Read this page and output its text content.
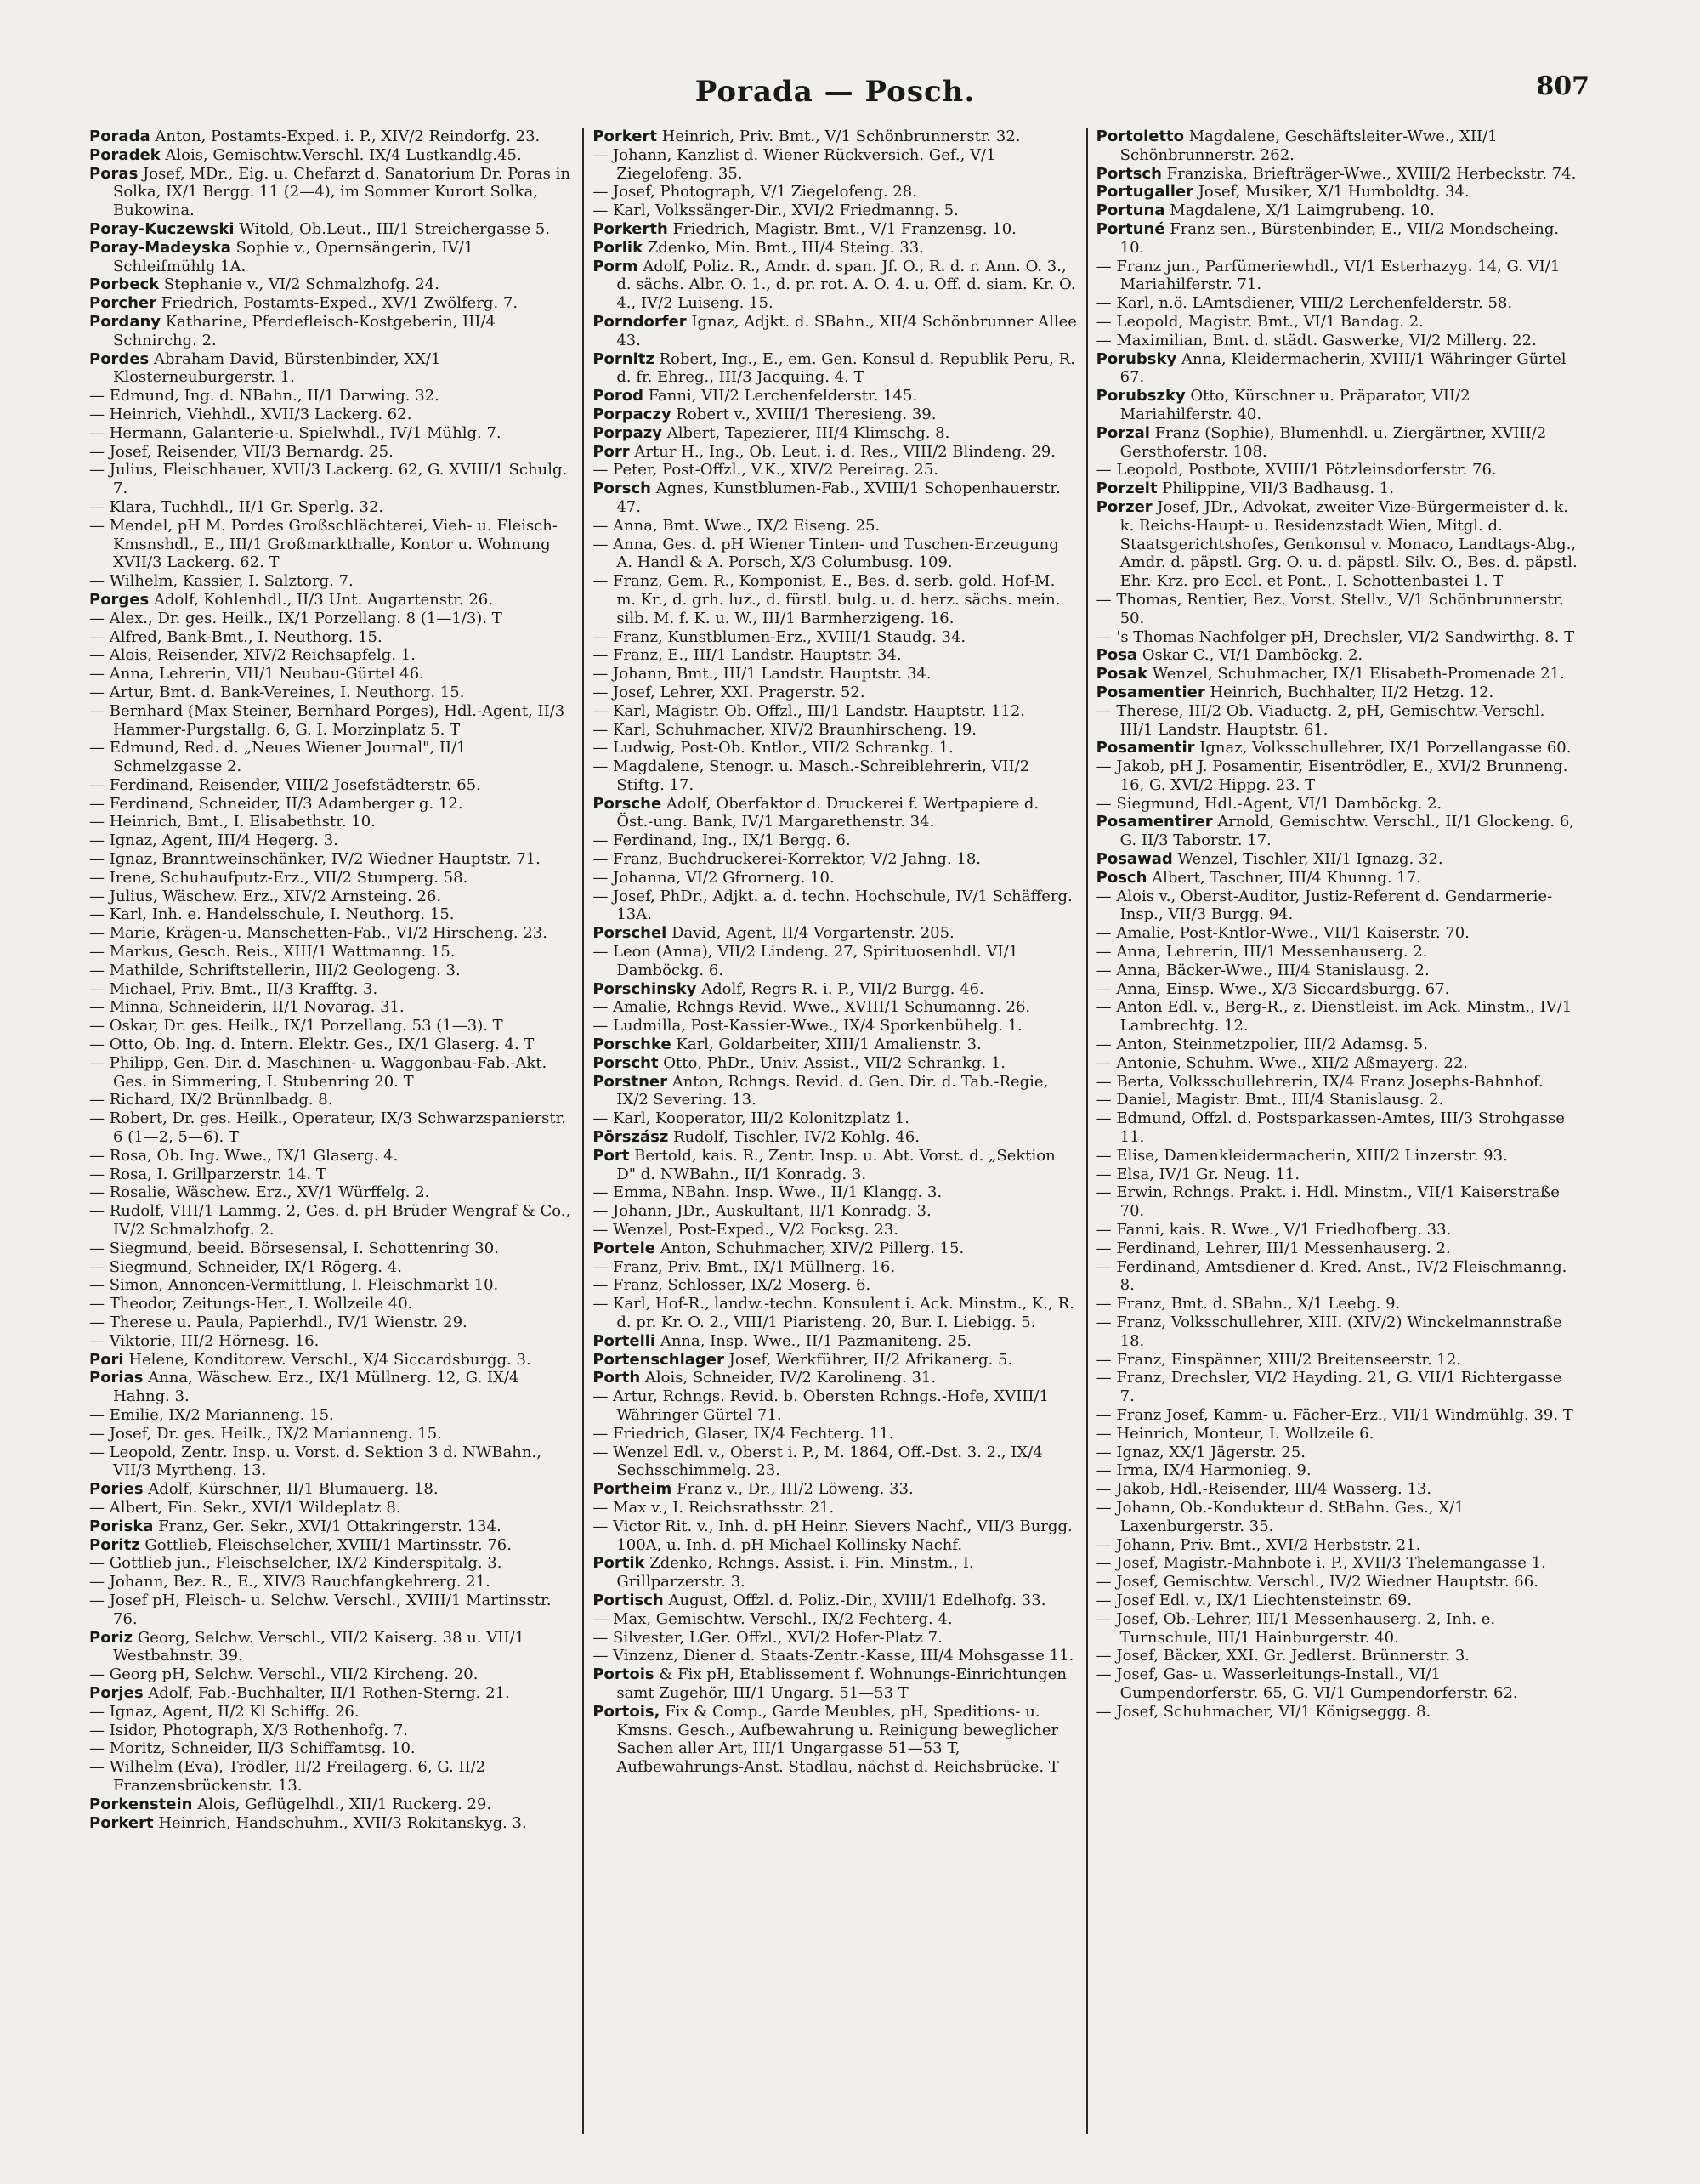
Porada — Posch.	807

Porada Anton, Postamts-Exped. i. P., XIV/2 Reindorfg. 23.

Poradek Alois, Gemischtw.Verschl. IX/4 Lustkandlg.45.

Poras Josef, MDr., Eig. u. Chefarzt d. Sanatorium Dr. Poras in Solka, IX/1 Bergg. 11 (2—4), im Sommer Kurort Solka, Bukowina.

Poray-Kuczewski Witold, Ob.Leut., III/1 Streichergasse 5.

Poray-Madeyska Sophie v., Opernsängerin, IV/1 Schleifmühlg 1A.

Porbeck Stephanie v., VI/2 Schmalzhofg. 24.

Porcher Friedrich, Postamts-Exped., XV/1 Zwölferg. 7.

Pordany Katharine, Pferdefleisch-Kostgeberin, III/4 Schnirchg. 2.

Pordes Abraham David, Bürstenbinder, XX/1 Klosterneuburgerstr. 1.

— Edmund, Ing. d. NBahn., II/1 Darwing. 32.

— Heinrich, Viehhdl., XVII/3 Lackerg. 62.

— Hermann, Galanterie-u. Spielwhdl., IV/1 Mühlg. 7.

— Josef, Reisender, VII/3 Bernardg. 25.

— Julius, Fleischhauer, XVII/3 Lackerg. 62, G. XVIII/1 Schulg. 7.

— Klara, Tuchhdl., II/1 Gr. Sperlg. 32.

— Mendel, pH M. Pordes Großschlächterei, Vieh- u. Fleisch-Kmsnshdl., E., III/1 Großmarkthalle, Kontor u. Wohnung XVII/3 Lackerg. 62. T

— Wilhelm, Kassier, I. Salztorg. 7.

Porges Adolf, Kohlenhdl., II/3 Unt. Augartenstr. 26.

— Alex., Dr. ges. Heilk., IX/1 Porzellang. 8 (1—1/3). T

— Alfred, Bank-Bmt., I. Neuthorg. 15.

— Alois, Reisender, XIV/2 Reichsapfelg. 1.

— Anna, Lehrerin, VII/1 Neubau-Gürtel 46.

— Artur, Bmt. d. Bank-Vereines, I. Neuthorg. 15.

— Bernhard (Max Steiner, Bernhard Porges), Hdl.-Agent, II/3 Hammer-Purgstallg. 6, G. I. Morzinplatz 5. T

— Edmund, Red. d. „Neues Wiener Journal", II/1 Schmelzgasse 2.

— Ferdinand, Reisender, VIII/2 Josefstädterstr. 65.

— Ferdinand, Schneider, II/3 Adamberger g. 12.

— Heinrich, Bmt., I. Elisabethstr. 10.

— Ignaz, Agent, III/4 Hegerg. 3.

— Ignaz, Branntweinschänker, IV/2 Wiedner Hauptstr. 71.

— Irene, Schuhaufputz-Erz., VII/2 Stumperg. 58.

— Julius, Wäschew. Erz., XIV/2 Arnsteing. 26.

— Karl, Inh. e. Handelsschule, I. Neuthorg. 15.

— Marie, Krägen-u. Manschetten-Fab., VI/2 Hirscheng. 23.

— Markus, Gesch. Reis., XIII/1 Wattmanng. 15.

— Mathilde, Schriftstellerin, III/2 Geologeng. 3.

— Michael, Priv. Bmt., II/3 Krafftg. 3.

— Minna, Schneiderin, II/1 Novarag. 31.

— Oskar, Dr. ges. Heilk., IX/1 Porzellang. 53 (1—3). T

— Otto, Ob. Ing. d. Intern. Elektr. Ges., IX/1 Glaserg. 4. T

— Philipp, Gen. Dir. d. Maschinen- u. Waggonbau-Fab.-Akt. Ges. in Simmering, I. Stubenring 20. T

— Richard, IX/2 Brünnlbadg. 8.

— Robert, Dr. ges. Heilk., Operateur, IX/3 Schwarzspanierstr. 6 (1—2, 5—6). T

— Rosa, Ob. Ing. Wwe., IX/1 Glaserg. 4.

— Rosa, I. Grillparzerstr. 14. T

— Rosalie, Wäschew. Erz., XV/1 Würffelg. 2.

— Rudolf, VIII/1 Lammg. 2, Ges. d. pH Brüder Wengraf & Co., IV/2 Schmalzhofg. 2.

— Siegmund, beeid. Börsesensal, I. Schottenring 30.

— Siegmund, Schneider, IX/1 Rögerg. 4.

— Simon, Annoncen-Vermittlung, I. Fleischmarkt 10.

— Theodor, Zeitungs-Her., I. Wollzeile 40.

— Therese u. Paula, Papierhdl., IV/1 Wienstr. 29.

— Viktorie, III/2 Hörnesg. 16.

Pori Helene, Konditorew. Verschl., X/4 Siccardsburgg. 3.

Porias Anna, Wäschew. Erz., IX/1 Müllnerg. 12, G. IX/4 Hahng. 3.

— Emilie, IX/2 Marianneng. 15.

— Josef, Dr. ges. Heilk., IX/2 Marianneng. 15.

— Leopold, Zentr. Insp. u. Vorst. d. Sektion 3 d. NWBahn., VII/3 Myrtheng. 13.

Pories Adolf, Kürschner, II/1 Blumauerg. 18.

— Albert, Fin. Sekr., XVI/1 Wildeplatz 8.

Poriska Franz, Ger. Sekr., XVI/1 Ottakringerstr. 134.

Poritz Gottlieb, Fleischselcher, XVIII/1 Martinsstr. 76.

— Gottlieb jun., Fleischselcher, IX/2 Kinderspitalg. 3.

— Johann, Bez. R., E., XIV/3 Rauchfangkehrerg. 21.

— Josef pH, Fleisch- u. Selchw. Verschl., XVIII/1 Martinsstr. 76.

Poriz Georg, Selchw. Verschl., VII/2 Kaiserg. 38 u. VII/1 Westbahnstr. 39.

— Georg pH, Selchw. Verschl., VII/2 Kircheng. 20.

Porjes Adolf, Fab.-Buchhalter, II/1 Rothen-Sterng. 21.

— Ignaz, Agent, II/2 Kl Schiffg. 26.

— Isidor, Photograph, X/3 Rothenhofg. 7.

— Moritz, Schneider, II/3 Schiffamtsg. 10.

— Wilhelm (Eva), Trödler, II/2 Freilagerg. 6, G. II/2 Franzensbrückenstr. 13.

Porkenstein Alois, Geflügelhdl., XII/1 Ruckerg. 29.

Porkert Heinrich, Handschuhm., XVII/3 Rokitanskyg. 3.

Porkert Heinrich, Priv. Bmt., V/1 Schönbrunnerstr. 32.

— Johann, Kanzlist d. Wiener Rückversich. Gef., V/1 Ziegelofeng. 35.

— Josef, Photograph, V/1 Ziegelofeng. 28.

— Karl, Volkssänger-Dir., XVI/2 Friedmanng. 5.

Porkerth Friedrich, Magistr. Bmt., V/1 Franzensg. 10.

Porlik Zdenko, Min. Bmt., III/4 Steing. 33.

Porm Adolf, Poliz. R., Amdr. d. span. Jf. O., R. d. r. Ann. O. 3., d. sächs. Albr. O. 1., d. pr. rot. A. O. 4. u. Off. d. siam. Kr. O. 4., IV/2 Luiseng. 15.

Porndorfer Ignaz, Adjkt. d. SBahn., XII/4 Schönbrunner Allee 43.

Pornitz Robert, Ing., E., em. Gen. Konsul d. Republik Peru, R. d. fr. Ehreg., III/3 Jacquing. 4. T

Porod Fanni, VII/2 Lerchenfelderstr. 145.

Porpaczy Robert v., XVIII/1 Theresieng. 39.

Porpazy Albert, Tapezierer, III/4 Klimschg. 8.

Porr Artur H., Ing., Ob. Leut. i. d. Res., VIII/2 Blindeng. 29.

— Peter, Post-Offzl., V.K., XIV/2 Pereirag. 25.

Porsch Agnes, Kunstblumen-Fab., XVIII/1 Schopenhauerstr. 47.

— Anna, Bmt. Wwe., IX/2 Eiseng. 25.

— Anna, Ges. d. pH Wiener Tinten- und Tuschen-Erzeugung A. Handl & A. Porsch, X/3 Columbusg. 109.

— Franz, Gem. R., Komponist, E., Bes. d. serb. gold. Hof-M. m. Kr., d. grh. luz., d. fürstl. bulg. u. d. herz. sächs. mein. silb. M. f. K. u. W., III/1 Barmherzigeng. 16.

— Franz, Kunstblumen-Erz., XVIII/1 Staudg. 34.

— Franz, E., III/1 Landstr. Hauptstr. 34.

— Johann, Bmt., III/1 Landstr. Hauptstr. 34.

— Josef, Lehrer, XXI. Pragerstr. 52.

— Karl, Magistr. Ob. Offzl., III/1 Landstr. Hauptstr. 112.

— Karl, Schuhmacher, XIV/2 Braunhirscheng. 19.

— Ludwig, Post-Ob. Kntlor., VII/2 Schrankg. 1.

— Magdalene, Stenogr. u. Masch.-Schreiblehrerin, VII/2 Stiftg. 17.

Porsche Adolf, Oberfaktor d. Druckerei f. Wertpapiere d. Öst.-ung. Bank, IV/1 Margarethenstr. 34.

— Ferdinand, Ing., IX/1 Bergg. 6.

— Franz, Buchdruckerei-Korrektor, V/2 Jahng. 18.

— Johanna, VI/2 Gfrornerg. 10.

— Josef, PhDr., Adjkt. a. d. techn. Hochschule, IV/1 Schäfferg. 13A.

Porschel David, Agent, II/4 Vorgartenstr. 205.

— Leon (Anna), VII/2 Lindeng. 27, Spirituosenhdl. VI/1 Damböckg. 6.

Porschinsky Adolf, Regrs R. i. P., VII/2 Burgg. 46.

— Amalie, Rchngs Revid. Wwe., XVIII/1 Schumanng. 26.

— Ludmilla, Post-Kassier-Wwe., IX/4 Sporkenbühelg. 1.

Porschke Karl, Goldarbeiter, XIII/1 Amalienstr. 3.

Porscht Otto, PhDr., Univ. Assist., VII/2 Schrankg. 1.

Porstner Anton, Rchngs. Revid. d. Gen. Dir. d. Tab.-Regie, IX/2 Severing. 13.

— Karl, Kooperator, III/2 Kolonitzplatz 1.

Pörszász Rudolf, Tischler, IV/2 Kohlg. 46.

Port Bertold, kais. R., Zentr. Insp. u. Abt. Vorst. d. „Sektion D" d. NWBahn., II/1 Konradg. 3.

— Emma, NBahn. Insp. Wwe., II/1 Klangg. 3.

— Johann, JDr., Auskultant, II/1 Konradg. 3.

— Wenzel, Post-Exped., V/2 Focksg. 23.

Portele Anton, Schuhmacher, XIV/2 Pillerg. 15.

— Franz, Priv. Bmt., IX/1 Müllnerg. 16.

— Franz, Schlosser, IX/2 Moserg. 6.

— Karl, Hof-R., landw.-techn. Konsulent i. Ack. Minstm., K., R. d. pr. Kr. O. 2., VIII/1 Piaristeng. 20, Bur. I. Liebigg. 5.

Portelli Anna, Insp. Wwe., II/1 Pazmaniteng. 25.

Portenschlager Josef, Werkführer, II/2 Afrikanerg. 5.

Porth Alois, Schneider, IV/2 Karolineng. 31.

— Artur, Rchngs. Revid. b. Obersten Rchngs.-Hofe, XVIII/1 Währinger Gürtel 71.

— Friedrich, Glaser, IX/4 Fechterg. 11.

— Wenzel Edl. v., Oberst i. P., M. 1864, Off.-Dst. 3. 2., IX/4 Sechsschimmelg. 23.

Portheim Franz v., Dr., III/2 Löweng. 33.

— Max v., I. Reichsrathsstr. 21.

— Victor Rit. v., Inh. d. pH Heinr. Sievers Nachf., VII/3 Burgg. 100A, u. Inh. d. pH Michael Kollinsky Nachf.

Portik Zdenko, Rchngs. Assist. i. Fin. Minstm., I. Grillparzerstr. 3.

Portisch August, Offzl. d. Poliz.-Dir., XVIII/1 Edelhofg. 33.

— Max, Gemischtw. Verschl., IX/2 Fechterg. 4.

— Silvester, LGer. Offzl., XVI/2 Hofer-Platz 7.

— Vinzenz, Diener d. Staats-Zentr.-Kasse, III/4 Mohsgasse 11.

Portois & Fix pH, Etablissement f. Wohnungs-Einrichtungen samt Zugehör, III/1 Ungarg. 51—53 T

Portois, Fix & Comp., Garde Meubles, pH, Speditions- u. Kmsns. Gesch., Aufbewahrung u. Reinigung beweglicher Sachen aller Art, III/1 Ungargasse 51—53 T, Aufbewahrungs-Anst. Stadlau, nächst d. Reichsbrücke. T

Portoletto Magdalene, Geschäftsleiter-Wwe., XII/1 Schönbrunnerstr. 262.

Portsch Franziska, Briefträger-Wwe., XVIII/2 Herbeckstr. 74.

Portugaller Josef, Musiker, X/1 Humboldtg. 34.

Portuna Magdalene, X/1 Laimgrubeng. 10.

Portuné Franz sen., Bürstenbinder, E., VII/2 Mondscheing. 10.

— Franz jun., Parfümeriewhdl., VI/1 Esterhazyg. 14, G. VI/1 Mariahilferstr. 71.

— Karl, n.ö. LAmtsdiener, VIII/2 Lerchenfelderstr. 58.

— Leopold, Magistr. Bmt., VI/1 Bandag. 2.

— Maximilian, Bmt. d. städt. Gaswerke, VI/2 Millerg. 22.

Porubsky Anna, Kleidermacherin, XVIII/1 Währinger Gürtel 67.

Porubszky Otto, Kürschner u. Präparator, VII/2 Mariahilferstr. 40.

Porzal Franz (Sophie), Blumenhdl. u. Ziergärtner, XVIII/2 Gersthoferstr. 108.

— Leopold, Postbote, XVIII/1 Pötzleinsdorferstr. 76.

Porzelt Philippine, VII/3 Badhausg. 1.

Porzer Josef, JDr., Advokat, zweiter Vize-Bürgermeister d. k. k. Reichs-Haupt- u. Residenzstadt Wien, Mitgl. d. Staatsgerichtshofes, Genkonsul v. Monaco, Landtags-Abg., Amdr. d. päpstl. Grg. O. u. d. päpstl. Silv. O., Bes. d. päpstl. Ehr. Krz. pro Eccl. et Pont., I. Schottenbastei 1. T

— Thomas, Rentier, Bez. Vorst. Stellv., V/1 Schönbrunnerstr. 50.

— 's Thomas Nachfolger pH, Drechsler, VI/2 Sandwirthg. 8. T

Posa Oskar C., VI/1 Damböckg. 2.

Posak Wenzel, Schuhmacher, IX/1 Elisabeth-Promenade 21.

Posamentier Heinrich, Buchhalter, II/2 Hetzg. 12.

— Therese, III/2 Ob. Viaductg. 2, pH, Gemischtw.-Verschl. III/1 Landstr. Hauptstr. 61.

Posamentir Ignaz, Volksschullehrer, IX/1 Porzellangasse 60.

— Jakob, pH J. Posamentir, Eisentrödler, E., XVI/2 Brunneng. 16, G. XVI/2 Hippg. 23. T

— Siegmund, Hdl.-Agent, VI/1 Damböckg. 2.

Posamentirer Arnold, Gemischtw. Verschl., II/1 Glockeng. 6, G. II/3 Taborstr. 17.

Posawad Wenzel, Tischler, XII/1 Ignazg. 32.

Posch Albert, Taschner, III/4 Khunng. 17.

— Alois v., Oberst-Auditor, Justiz-Referent d. Gendarmerie-Insp., VII/3 Burgg. 94.

— Amalie, Post-Kntlor-Wwe., VII/1 Kaiserstr. 70.

— Anna, Lehrerin, III/1 Messenhauserg. 2.

— Anna, Bäcker-Wwe., III/4 Stanislausg. 2.

— Anna, Einsp. Wwe., X/3 Siccardsburgg. 67.

— Anton Edl. v., Berg-R., z. Dienstleist. im Ack. Minstm., IV/1 Lambrechtg. 12.

— Anton, Steinmetzpolier, III/2 Adamsg. 5.

— Antonie, Schuhm. Wwe., XII/2 Aßmayerg. 22.

— Berta, Volksschullehrerin, IX/4 Franz Josephs-Bahnhof.

— Daniel, Magistr. Bmt., III/4 Stanislausg. 2.

— Edmund, Offzl. d. Postsparkassen-Amtes, III/3 Strohgasse 11.

— Elise, Damenkleidermacherin, XIII/2 Linzerstr. 93.

— Elsa, IV/1 Gr. Neug. 11.

— Erwin, Rchngs. Prakt. i. Hdl. Minstm., VII/1 Kaiserstraße 70.

— Fanni, kais. R. Wwe., V/1 Friedhofberg. 33.

— Ferdinand, Lehrer, III/1 Messenhauserg. 2.

— Ferdinand, Amtsdiener d. Kred. Anst., IV/2 Fleischmanng. 8.

— Franz, Bmt. d. SBahn., X/1 Leebg. 9.

— Franz, Volksschullehrer, XIII. (XIV/2) Winckelmannstraße 18.

— Franz, Einspänner, XIII/2 Breitenseerstr. 12.

— Franz, Drechsler, VI/2 Hayding. 21, G. VII/1 Richtergasse 7.

— Franz Josef, Kamm- u. Fächer-Erz., VII/1 Windmühlg. 39. T

— Heinrich, Monteur, I. Wollzeile 6.

— Ignaz, XX/1 Jägerstr. 25.

— Irma, IX/4 Harmonieg. 9.

— Jakob, Hdl.-Reisender, III/4 Wasserg. 13.

— Johann, Ob.-Kondukteur d. StBahn. Ges., X/1 Laxenburgerstr. 35.

— Johann, Priv. Bmt., XVI/2 Herbststr. 21.

— Josef, Magistr.-Mahnbote i. P., XVII/3 Thelemangasse 1.

— Josef, Gemischtw. Verschl., IV/2 Wiedner Hauptstr. 66.

— Josef Edl. v., IX/1 Liechtensteinstr. 69.

— Josef, Ob.-Lehrer, III/1 Messenhauserg. 2, Inh. e. Turnschule, III/1 Hainburgerstr. 40.

— Josef, Bäcker, XXI. Gr. Jedlerst. Brünnerstr. 3.

— Josef, Gas- u. Wasserleitungs-Install., VI/1 Gumpendorferstr. 65, G. VI/1 Gumpendorferstr. 62.

— Josef, Schuhmacher, VI/1 Königseggg. 8.
